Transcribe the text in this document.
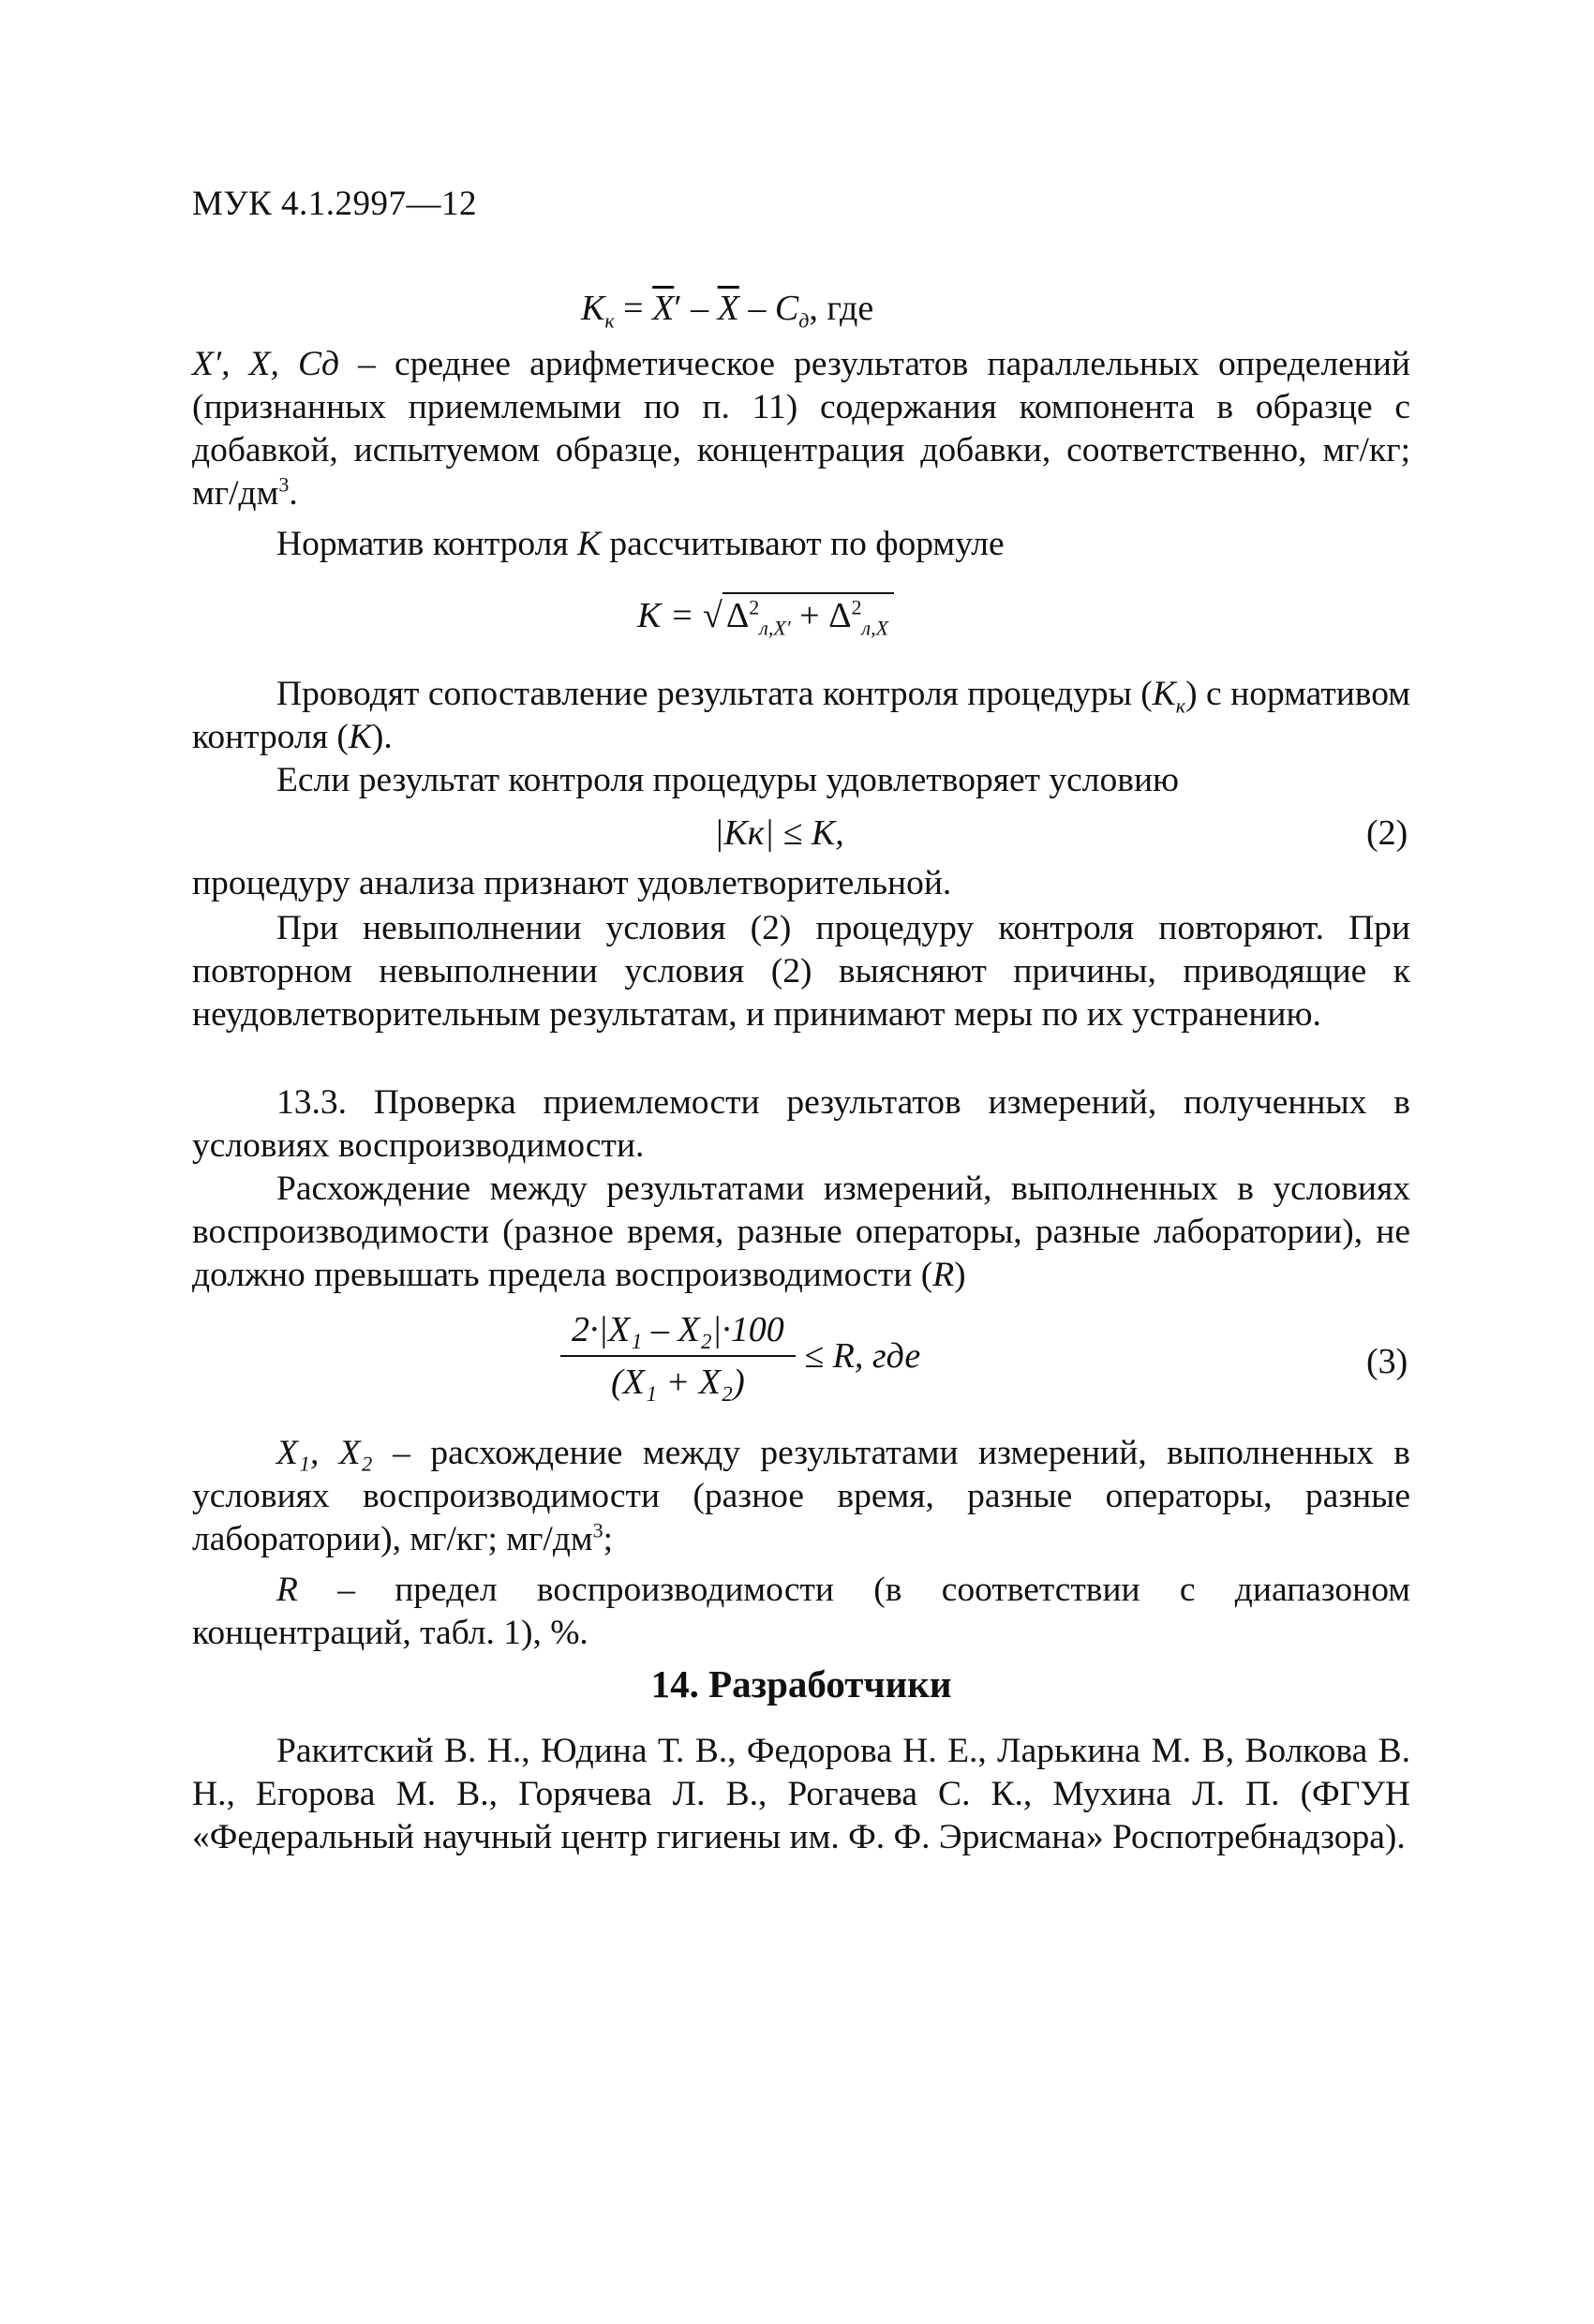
МУК 4.1.2997—12
$K_к = \overline{X}' - \overline{X} - C_д$, где
X′, X, Cд – среднее арифметическое результатов параллельных определений (признанных приемлемыми по п. 11) содержания компонента в образце с добавкой, испытуемом образце, концентрация добавки, соответственно, мг/кг; $мг/дм^3$.
Норматив контроля K рассчитывают по формуле
K = √ $\Delta^2_{л,X'} + \Delta^2_{л,X}$
Проводят сопоставление результата контроля процедуры $(K_к)$ с нормативом контроля (K).
Если результат контроля процедуры удовлетворяет условию
|Kк| ≤ K,	(2)
процедуру анализа признают удовлетворительной.
При невыполнении условия (2) процедуру контроля повторяют. При повторном невыполнении условия (2) выясняют причины, приводящие к неудовлетворительным результатам, и принимают меры по их устранению.
13.3. Проверка приемлемости результатов измерений, полученных в условиях воспроизводимости.
Расхождение между результатами измерений, выполненных в условиях воспроизводимости (разное время, разные операторы, разные лаборатории), не должно превышать предела воспроизводимости (R)
$\frac{\text{2·|X₁ – X₂|·100}}{\text{(X₁ + X₂)}} \le R$, где	(3)
X₁, X₂ – расхождение между результатами измерений, выполненных в условиях воспроизводимости (разное время, разные операторы, разные лаборатории), мг/кг; $мг/дм^3$;
R – предел воспроизводимости (в соответствии с диапазоном концентраций, табл. 1), %.
14. Разработчики
Ракитский В. Н., Юдина Т. В., Федорова Н. Е., Ларькина М. В, Волкова В. Н., Егорова М. В., Горячева Л. В., Рогачева С. К., Мухина Л. П. (ФГУН «Федеральный научный центр гигиены им. Ф. Ф. Эрисмана» Роспотребнадзора).
